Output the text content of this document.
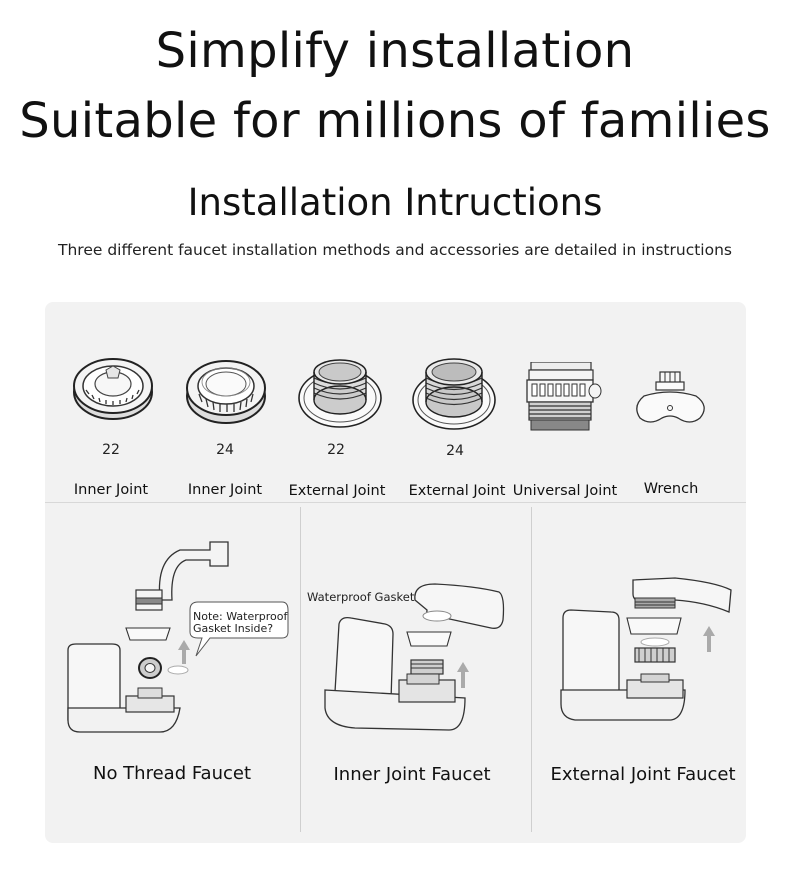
Simplify installation
Suitable for millions of families
Installation Intructions
Three different faucet installation methods and accessories are detailed in instructions
22
Inner Joint
24
Inner Joint
22
External Joint
24
External Joint Universal Joint	Wrench
Note: Waterproof Gasket Inside?
No Thread Faucet
Waterproof Gasket
Inner Joint Faucet	External Joint Faucet
